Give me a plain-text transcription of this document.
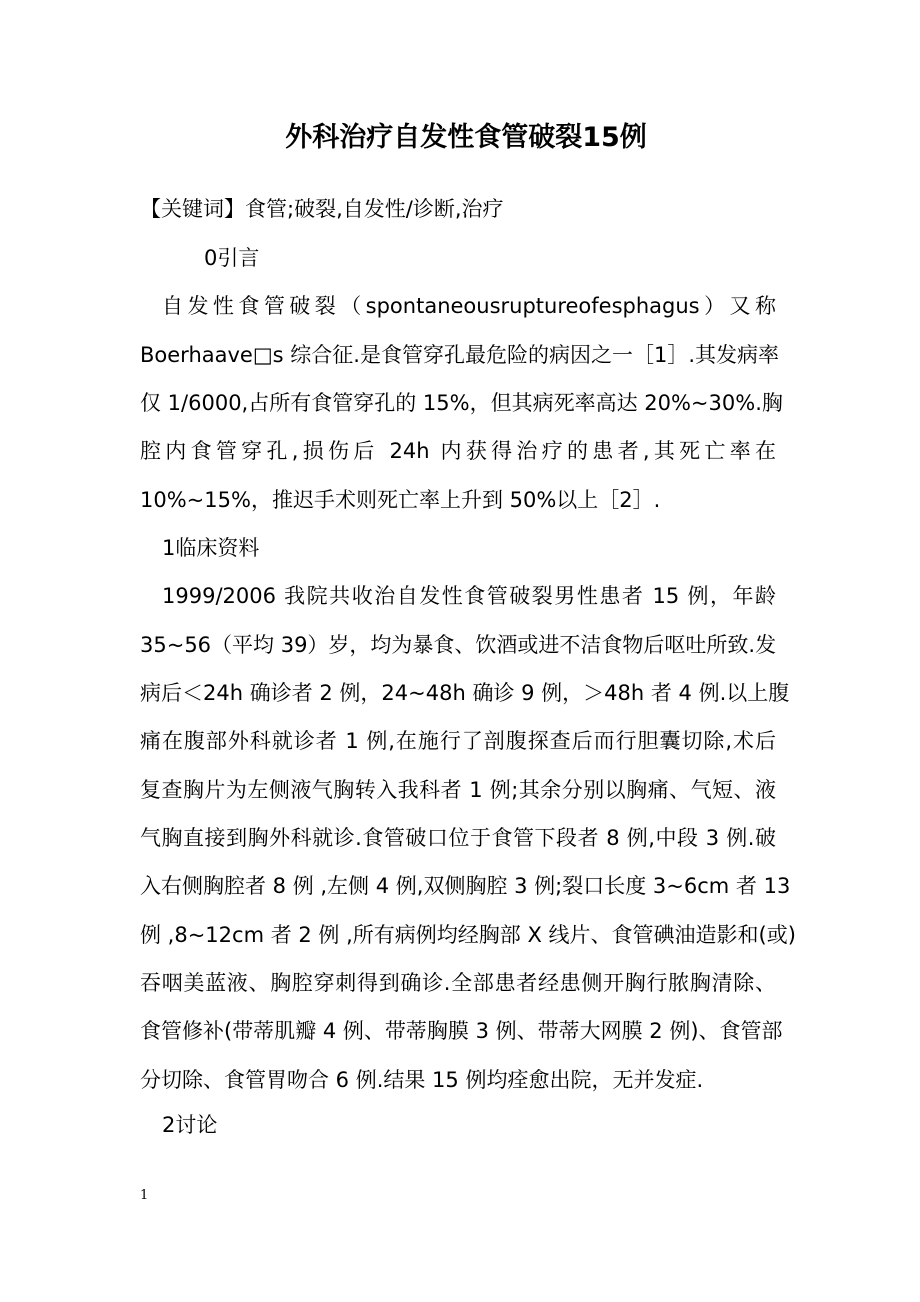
外科治疗自发性食管破裂15例

【关键词】食管;破裂,自发性/诊断,治疗

0引言

自发性食管破裂（spontaneousruptureofesphagus）又称

Boerhaave□s 综合征.是食管穿孔最危险的病因之一［1］.其发病率

仅 1/6000,占所有食管穿孔的 15%，但其病死率高达 20%~30%.胸

腔内食管穿孔,损伤后 24h 内获得治疗的患者,其死亡率在

10%~15%，推迟手术则死亡率上升到 50%以上［2］.

1临床资料

1999/2006 我院共收治自发性食管破裂男性患者 15 例，年龄

35~56（平均 39）岁，均为暴食、饮酒或进不洁食物后呕吐所致.发

病后＜24h 确诊者 2 例，24~48h 确诊 9 例，＞48h 者 4 例.以上腹

痛在腹部外科就诊者 1 例,在施行了剖腹探查后而行胆囊切除,术后

复查胸片为左侧液气胸转入我科者 1 例;其余分别以胸痛、气短、液

气胸直接到胸外科就诊.食管破口位于食管下段者 8 例,中段 3 例.破

入右侧胸腔者 8 例 ,左侧 4 例,双侧胸腔 3 例;裂口长度 3~6cm 者 13

例 ,8~12cm 者 2 例 ,所有病例均经胸部 X 线片、食管碘油造影和(或)

吞咽美蓝液、胸腔穿刺得到确诊.全部患者经患侧开胸行脓胸清除、

食管修补(带蒂肌瓣 4 例、带蒂胸膜 3 例、带蒂大网膜 2 例)、食管部

分切除、食管胃吻合 6 例.结果 15 例均痊愈出院，无并发症.

2讨论

1
